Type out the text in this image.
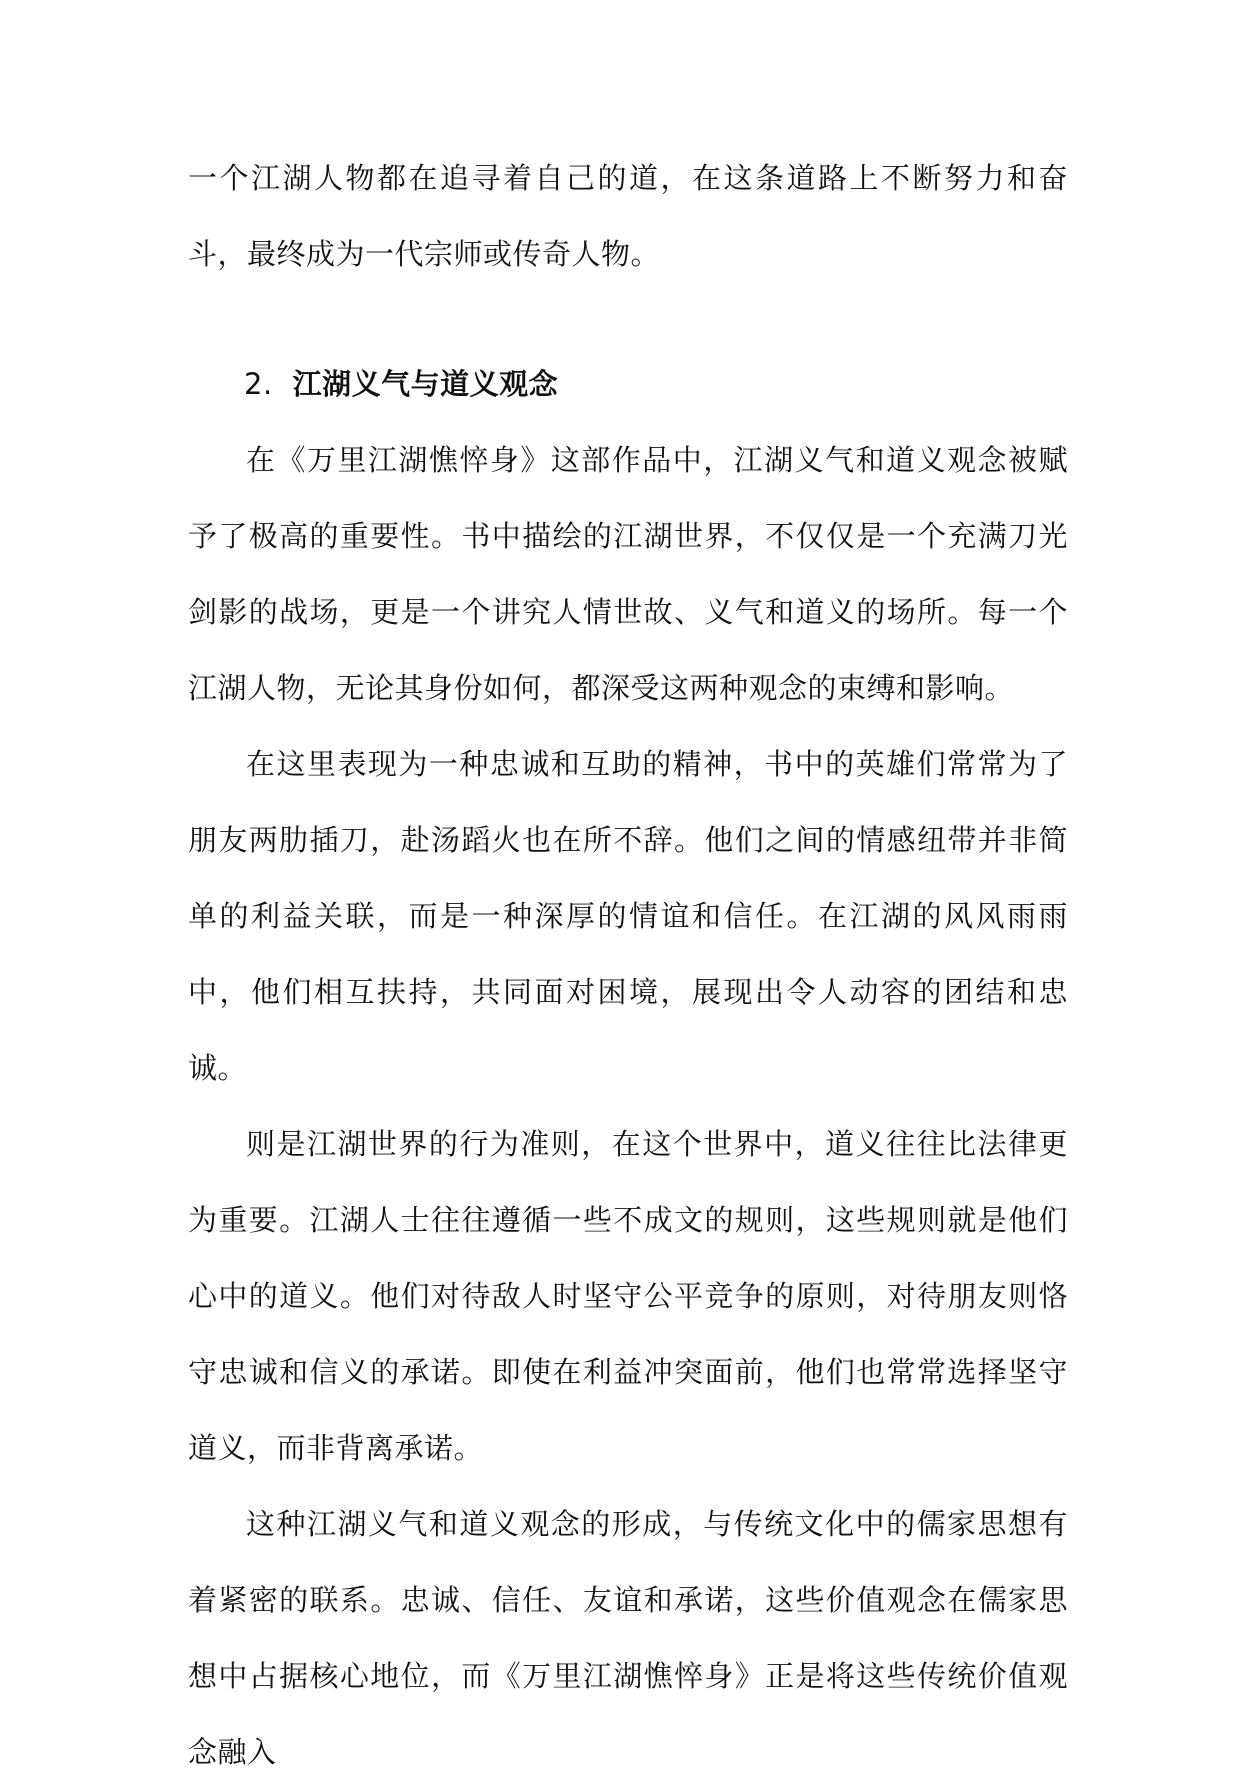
一个江湖人物都在追寻着自己的道，在这条道路上不断努力和奋斗，最终成为一代宗师或传奇人物。

2. 江湖义气与道义观念

在《万里江湖憔悴身》这部作品中，江湖义气和道义观念被赋予了极高的重要性。书中描绘的江湖世界，不仅仅是一个充满刀光剑影的战场，更是一个讲究人情世故、义气和道义的场所。每一个江湖人物，无论其身份如何，都深受这两种观念的束缚和影响。

在这里表现为一种忠诚和互助的精神，书中的英雄们常常为了朋友两肋插刀，赴汤蹈火也在所不辞。他们之间的情感纽带并非简单的利益关联，而是一种深厚的情谊和信任。在江湖的风风雨雨中，他们相互扶持，共同面对困境，展现出令人动容的团结和忠诚。

则是江湖世界的行为准则，在这个世界中，道义往往比法律更为重要。江湖人士往往遵循一些不成文的规则，这些规则就是他们心中的道义。他们对待敌人时坚守公平竞争的原则，对待朋友则恪守忠诚和信义的承诺。即使在利益冲突面前，他们也常常选择坚守道义，而非背离承诺。

这种江湖义气和道义观念的形成，与传统文化中的儒家思想有着紧密的联系。忠诚、信任、友谊和承诺，这些价值观念在儒家思想中占据核心地位，而《万里江湖憔悴身》正是将这些传统价值观念融入
